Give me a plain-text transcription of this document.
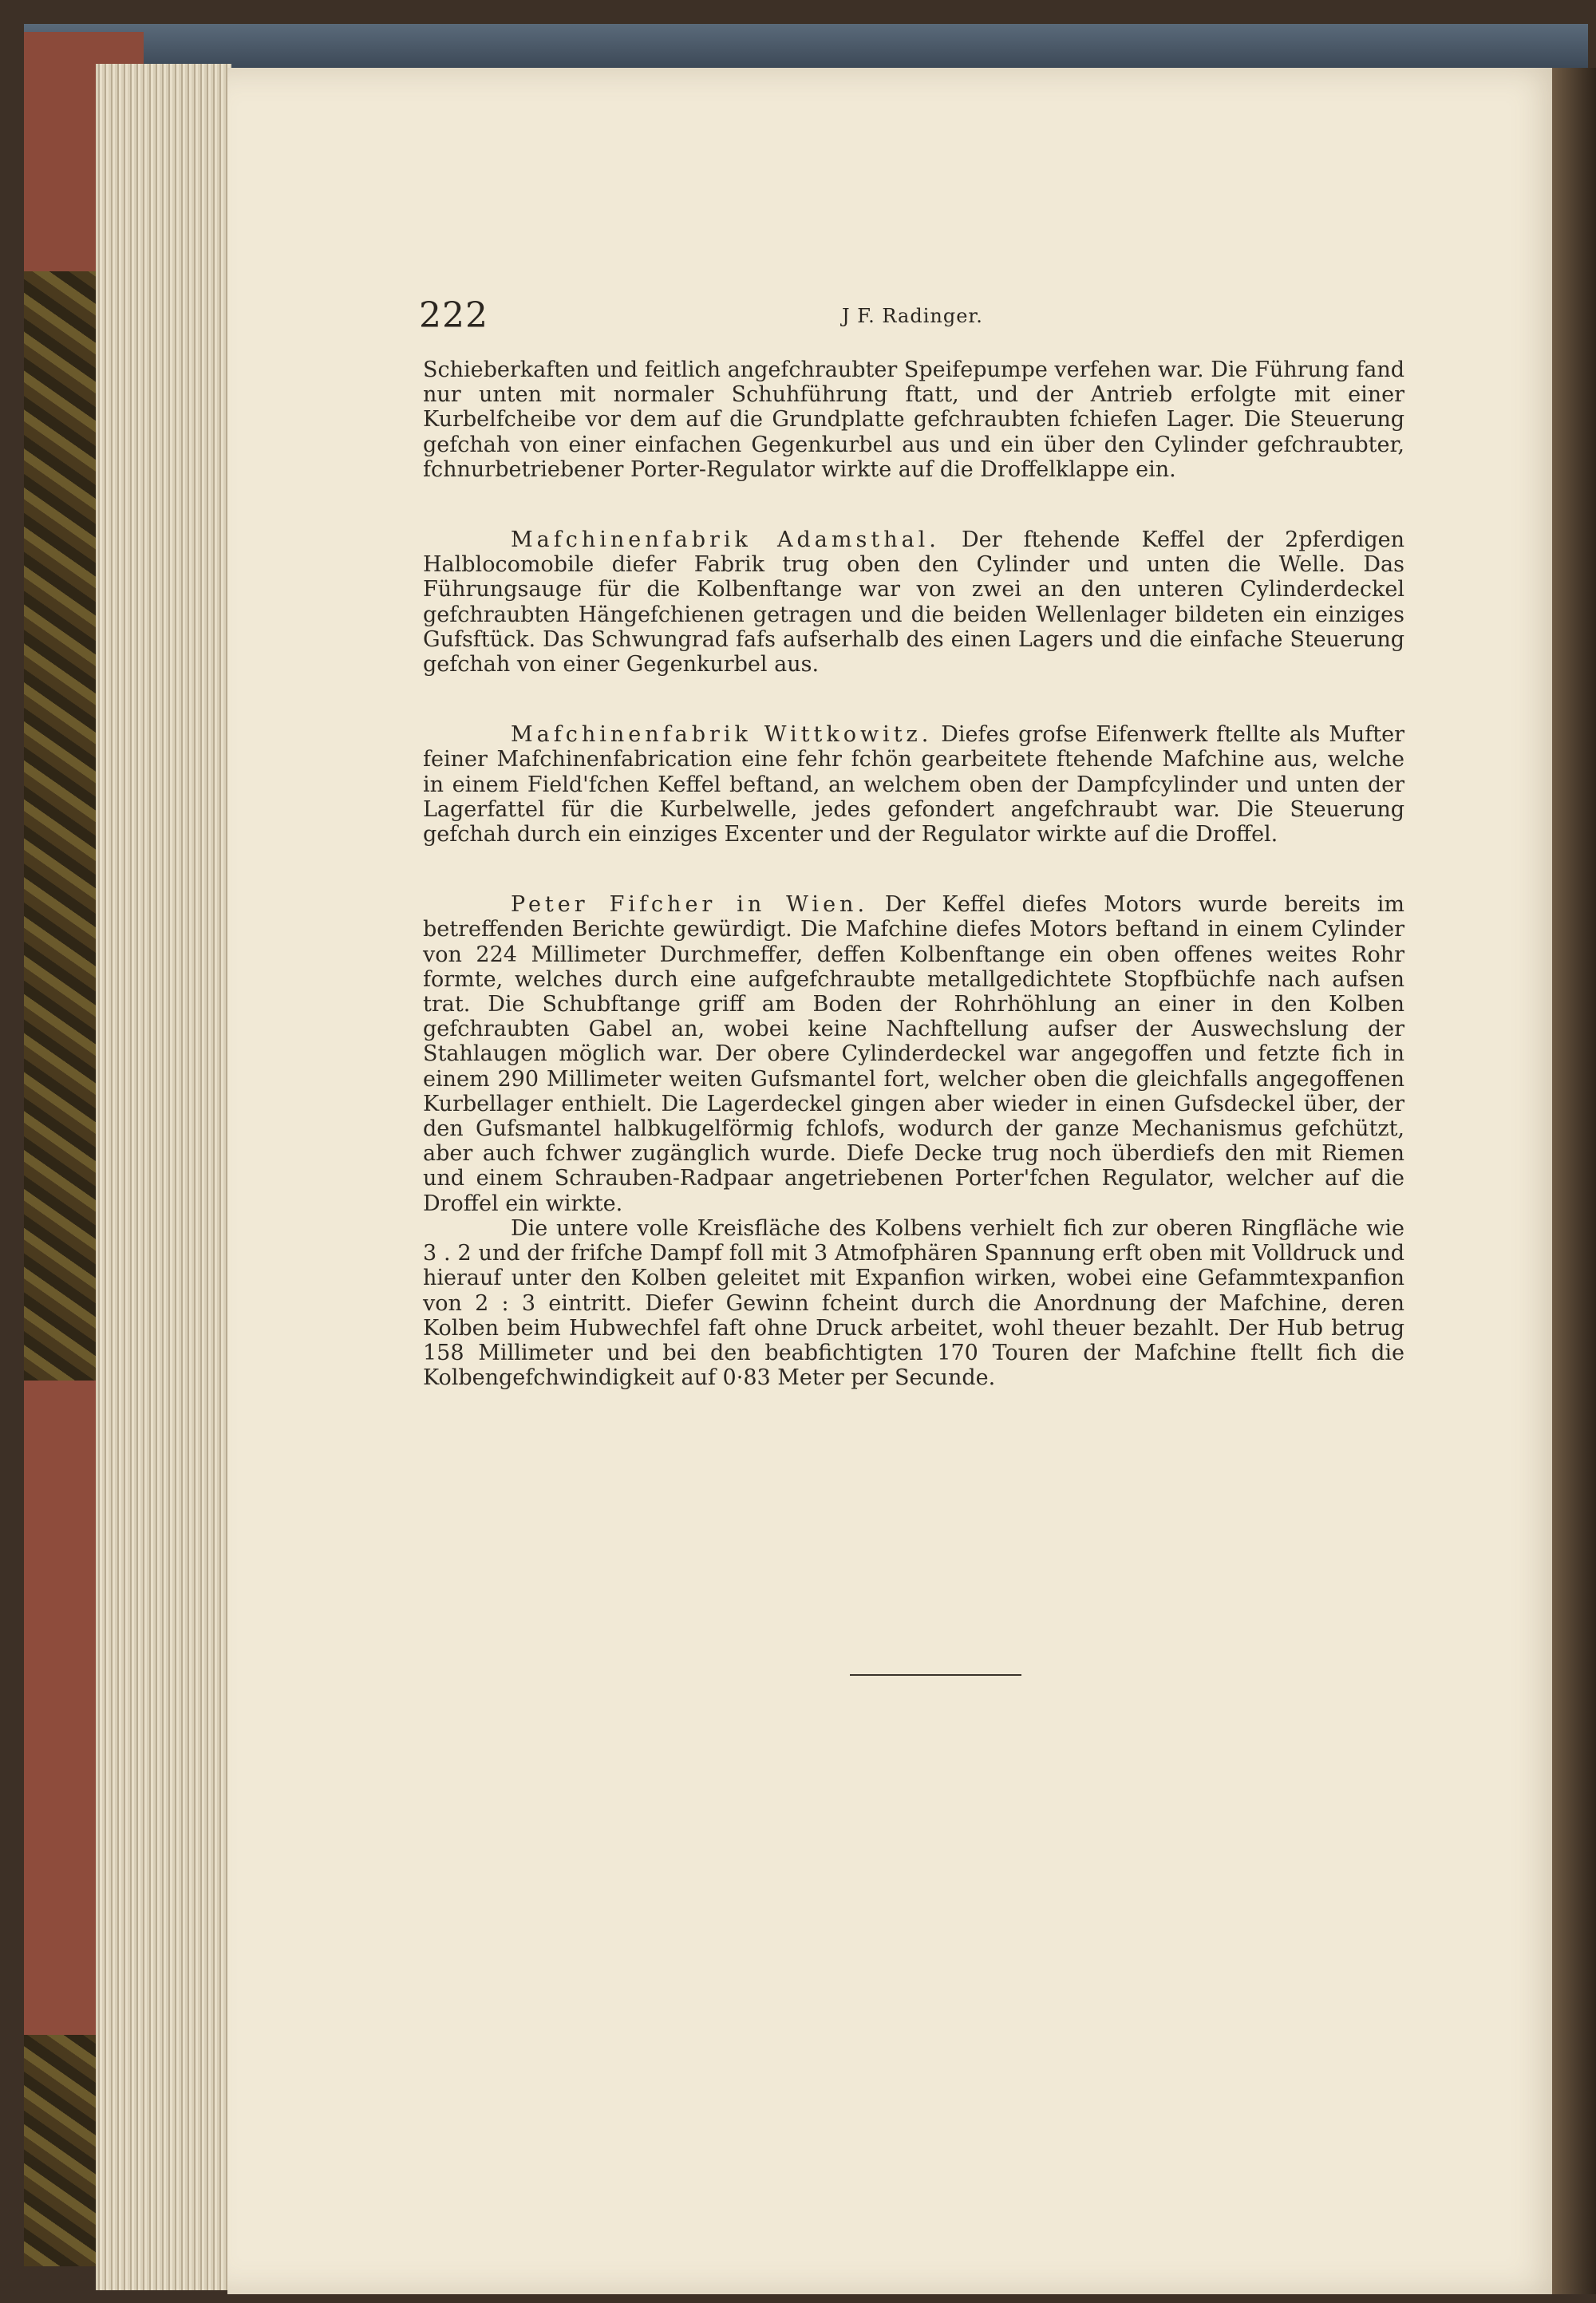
222	J F. Radinger.

Schieberkaften und feitlich angefchraubter Speifepumpe verfehen war. Die Führung fand nur unten mit normaler Schuhführung ftatt, und der Antrieb erfolgte mit einer Kurbelfcheibe vor dem auf die Grundplatte gefchraubten fchiefen Lager. Die Steuerung gefchah von einer einfachen Gegenkurbel aus und ein über den Cylinder gefchraubter, fchnurbetriebener Porter-Regulator wirkte auf die Droffelklappe ein.

Mafchinenfabrik Adamsthal. Der ftehende Keffel der 2pferdigen Halblocomobile diefer Fabrik trug oben den Cylinder und unten die Welle. Das Führungsauge für die Kolbenftange war von zwei an den unteren Cylinderdeckel gefchraubten Hängefchienen getragen und die beiden Wellenlager bildeten ein einziges Gufsftück. Das Schwungrad fafs aufserhalb des einen Lagers und die einfache Steuerung gefchah von einer Gegenkurbel aus.

Mafchinenfabrik Wittkowitz. Diefes grofse Eifenwerk ftellte als Mufter feiner Mafchinenfabrication eine fehr fchön gearbeitete ftehende Mafchine aus, welche in einem Field'fchen Keffel beftand, an welchem oben der Dampfcylinder und unten der Lagerfattel für die Kurbelwelle, jedes gefondert angefchraubt war. Die Steuerung gefchah durch ein einziges Excenter und der Regulator wirkte auf die Droffel.

Peter Fifcher in Wien. Der Keffel diefes Motors wurde bereits im betreffenden Berichte gewürdigt. Die Mafchine diefes Motors beftand in einem Cylinder von 224 Millimeter Durchmeffer, deffen Kolbenftange ein oben offenes weites Rohr formte, welches durch eine aufgefchraubte metallgedichtete Stopfbüchfe nach aufsen trat. Die Schubftange griff am Boden der Rohrhöhlung an einer in den Kolben gefchraubten Gabel an, wobei keine Nachftellung aufser der Auswechslung der Stahlaugen möglich war. Der obere Cylinderdeckel war angegoffen und fetzte fich in einem 290 Millimeter weiten Gufsmantel fort, welcher oben die gleichfalls angegoffenen Kurbellager enthielt. Die Lagerdeckel gingen aber wieder in einen Gufsdeckel über, der den Gufsmantel halbkugelförmig fchlofs, wodurch der ganze Mechanismus gefchützt, aber auch fchwer zugänglich wurde. Diefe Decke trug noch überdiefs den mit Riemen und einem Schrauben-Radpaar angetriebenen Porter'fchen Regulator, welcher auf die Droffel ein wirkte.

Die untere volle Kreisfläche des Kolbens verhielt fich zur oberen Ringfläche wie 3 . 2 und der frifche Dampf foll mit 3 Atmofphären Spannung erft oben mit Volldruck und hierauf unter den Kolben geleitet mit Expanfion wirken, wobei eine Gefammtexpanfion von 2 : 3 eintritt. Diefer Gewinn fcheint durch die Anordnung der Mafchine, deren Kolben beim Hubwechfel faft ohne Druck arbeitet, wohl theuer bezahlt. Der Hub betrug 158 Millimeter und bei den beabfichtigten 170 Touren der Mafchine ftellt fich die Kolbengefchwindigkeit auf 0·83 Meter per Secunde.
